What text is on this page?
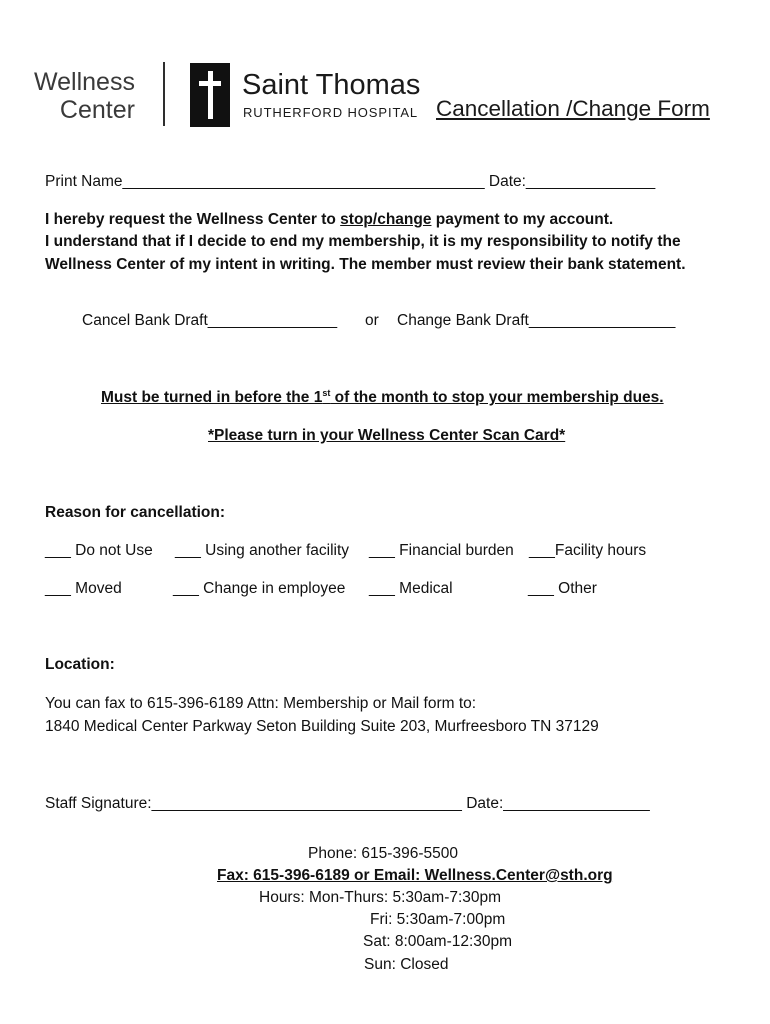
Wellness
Center
Saint Thomas
RUTHERFORD HOSPITAL Cancellation /Change Form
Print Name__________________________________________ Date:_______________
I hereby request the Wellness Center to stop/change payment to my account.
I understand that if I decide to end my membership, it is my responsibility to notify the
Wellness Center of my intent in writing. The member must review their bank statement.
Cancel Bank Draft_______________ or Change Bank Draft_________________
Must be turned in before the 1st of the month to stop your membership dues.
*Please turn in your Wellness Center Scan Card*
Reason for cancellation:
___ Do not Use ___ Using another facility ___ Financial burden ___Facility hours
___ Moved	___ Change in employee ___ Medical	___ Other
Location:
You can fax to 615-396-6189 Attn: Membership or Mail form to:
1840 Medical Center Parkway Seton Building Suite 203, Murfreesboro TN 37129
Staff Signature:____________________________________ Date:_________________
Phone: 615-396-5500
Fax: 615-396-6189 or Email: Wellness.Center@sth.org
Hours: Mon-Thurs: 5:30am-7:30pm
Fri: 5:30am-7:00pm
Sat: 8:00am-12:30pm
Sun: Closed
